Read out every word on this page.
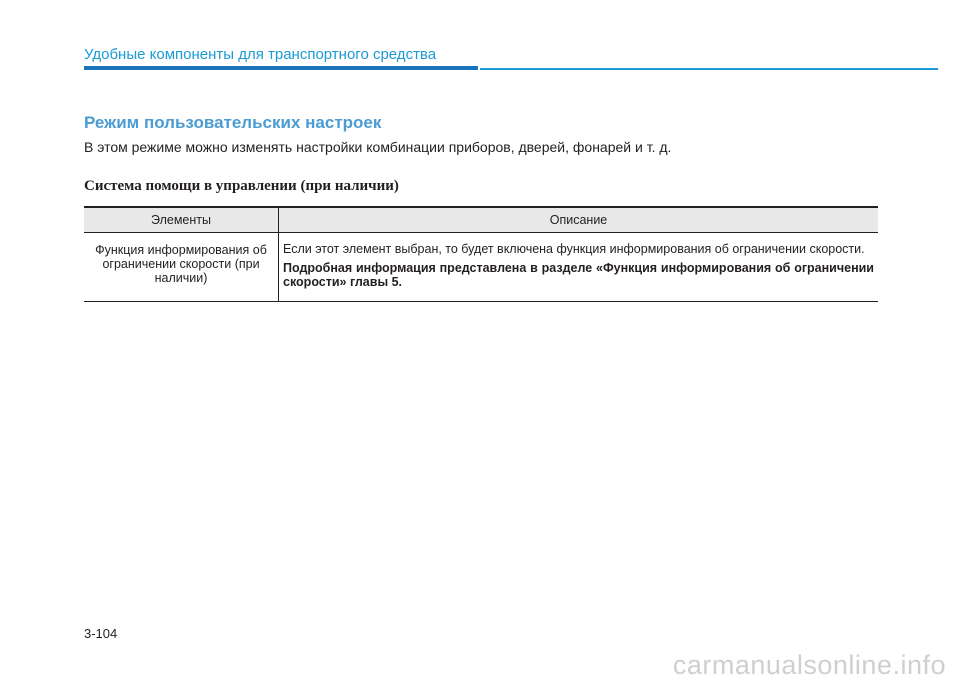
Удобные компоненты для транспортного средства
Режим пользовательских настроек
В этом режиме можно изменять настройки комбинации приборов, дверей, фонарей и т. д.
Система помощи в управлении (при наличии)
Элементы	Описание
Функция информирования об ограничении скорости (при наличии)	Если этот элемент выбран, то будет включена функция информирования об ограничении скорости.

Подробная информация представлена в разделе «Функция информирования об ограничении скорости» главы 5.

3-104
carmanualsonline.info
